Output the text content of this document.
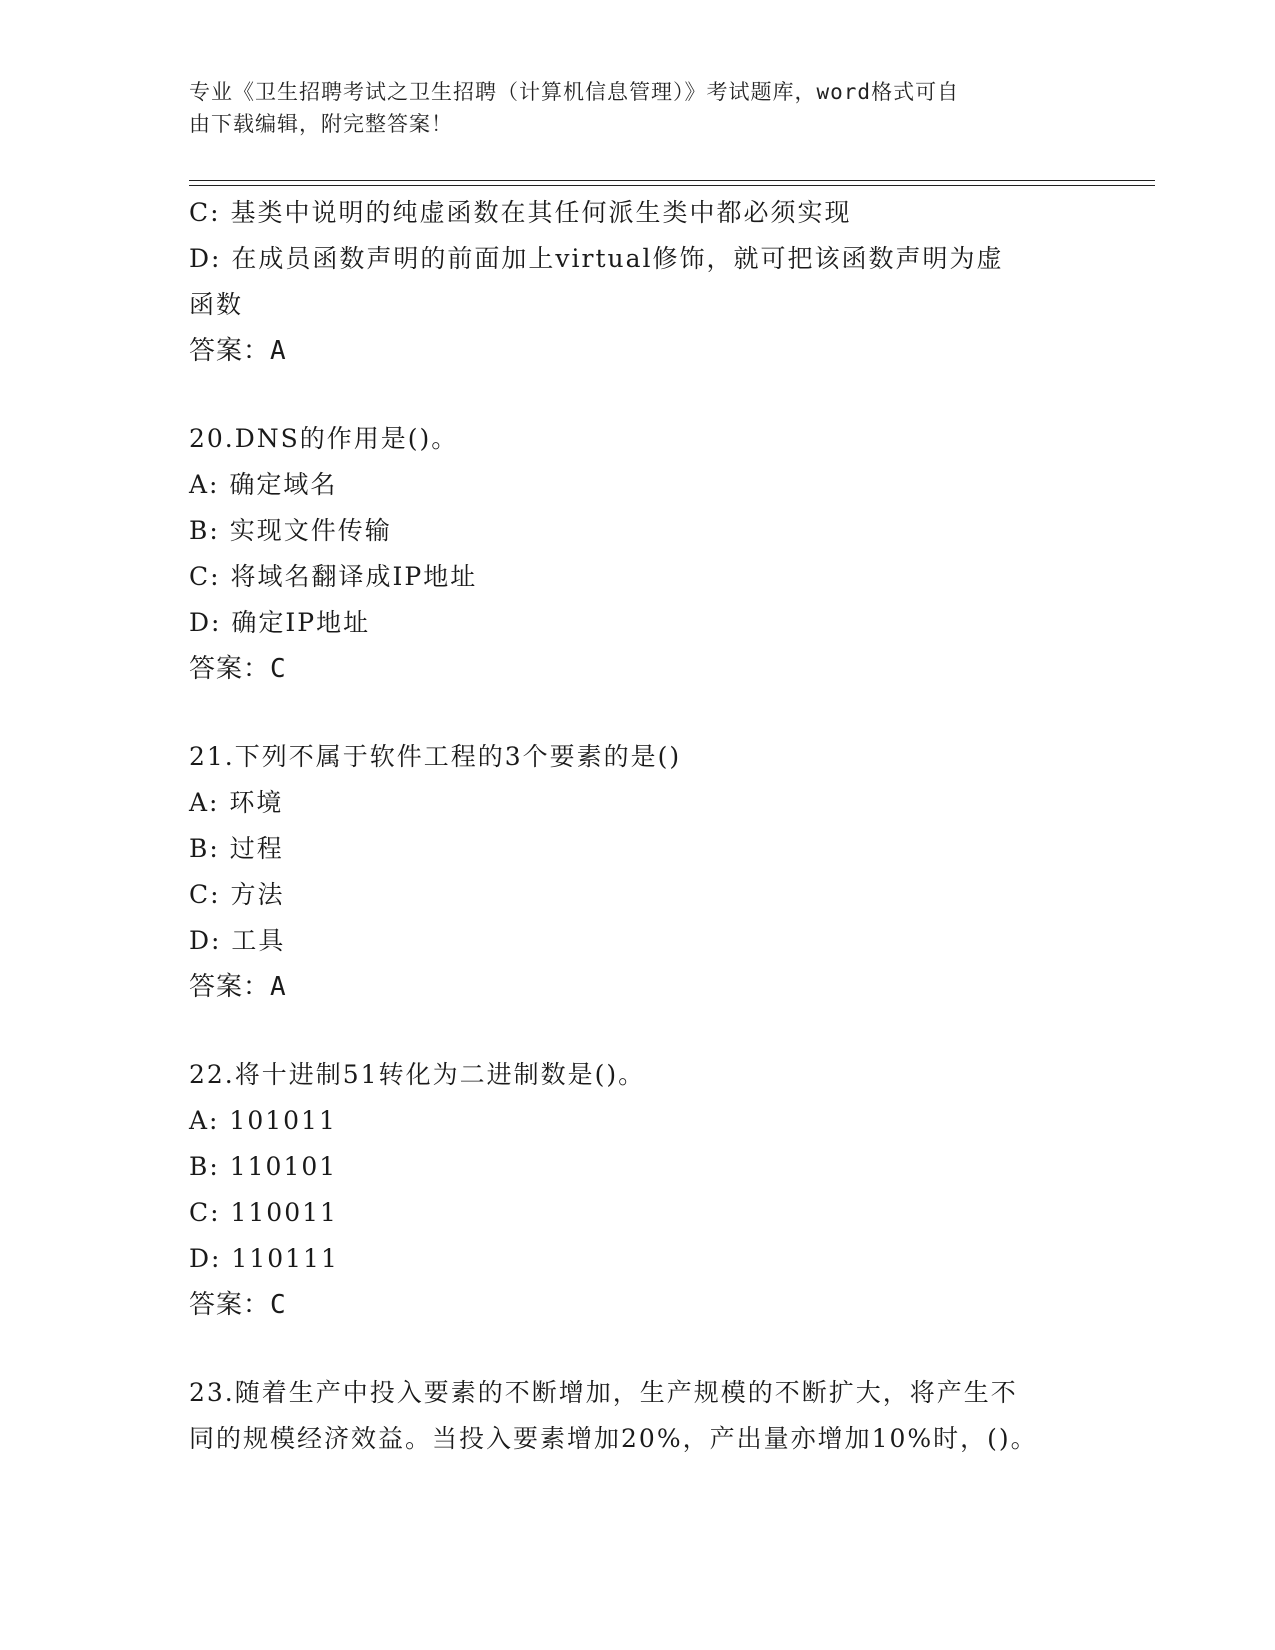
专业《卫生招聘考试之卫生招聘（计算机信息管理）》考试题库，word格式可自
由下载编辑，附完整答案！
C: 基类中说明的纯虚函数在其任何派生类中都必须实现
D: 在成员函数声明的前面加上virtual修饰，就可把该函数声明为虚
函数
答案：A
20.DNS的作用是()。
A: 确定域名
B: 实现文件传输
C: 将域名翻译成IP地址
D: 确定IP地址
答案：C
21.下列不属于软件工程的3个要素的是()
A: 环境
B: 过程
C: 方法
D: 工具
答案：A
22.将十进制51转化为二进制数是()。
A: 101011
B: 110101
C: 110011
D: 110111
答案：C
23.随着生产中投入要素的不断增加，生产规模的不断扩大，将产生不
同的规模经济效益。当投入要素增加20%，产出量亦增加10%时，()。
